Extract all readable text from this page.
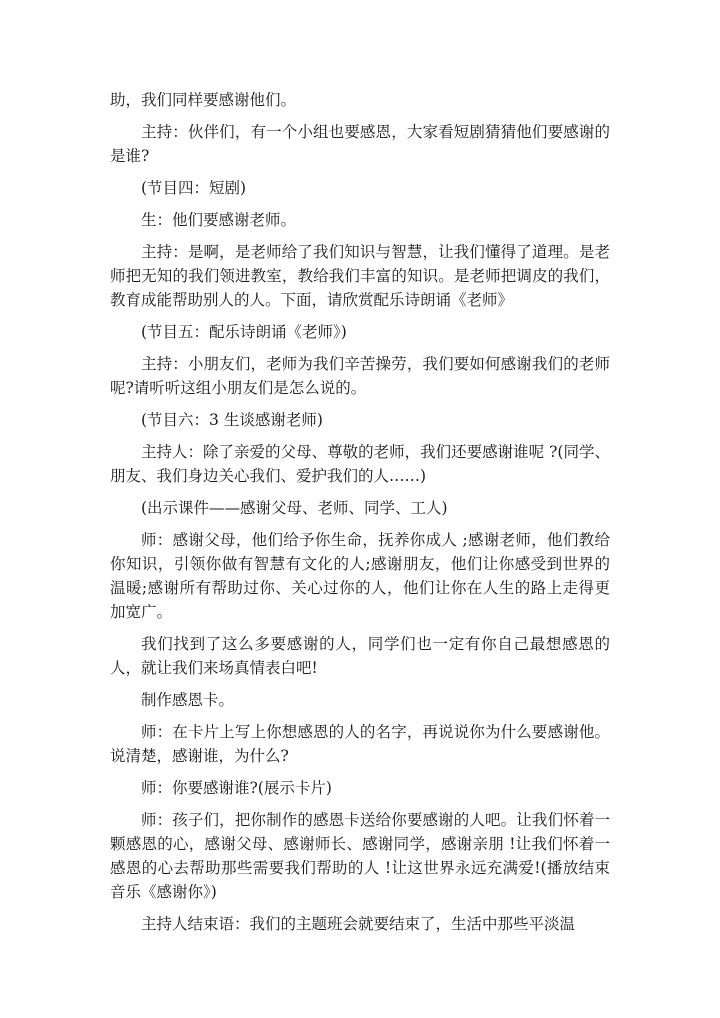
助，我们同样要感谢他们。

主持：伙伴们，有一个小组也要感恩，大家看短剧猜猜他们要感谢的是谁?

(节目四：短剧)

生：他们要感谢老师。

主持：是啊，是老师给了我们知识与智慧，让我们懂得了道理。是老师把无知的我们领进教室，教给我们丰富的知识。是老师把调皮的我们，教育成能帮助别人的人。下面，请欣赏配乐诗朗诵《老师》

(节目五：配乐诗朗诵《老师》)

主持：小朋友们，老师为我们辛苦操劳，我们要如何感谢我们的老师呢?请听听这组小朋友们是怎么说的。

(节目六：3 生谈感谢老师)

主持人：除了亲爱的父母、尊敬的老师，我们还要感谢谁呢 ?(同学、朋友、我们身边关心我们、爱护我们的人……)

(出示课件——感谢父母、老师、同学、工人)

师：感谢父母，他们给予你生命，抚养你成人 ;感谢老师，他们教给你知识，引领你做有智慧有文化的人;感谢朋友，他们让你感受到世界的温暖;感谢所有帮助过你、关心过你的人，他们让你在人生的路上走得更加宽广。

我们找到了这么多要感谢的人，同学们也一定有你自己最想感恩的人，就让我们来场真情表白吧!

制作感恩卡。

师：在卡片上写上你想感恩的人的名字，再说说你为什么要感谢他。说清楚，感谢谁，为什么?

师：你要感谢谁?(展示卡片)

师：孩子们，把你制作的感恩卡送给你要感谢的人吧。让我们怀着一颗感恩的心，感谢父母、感谢师长、感谢同学，感谢亲朋 !让我们怀着一感恩的心去帮助那些需要我们帮助的人 !让这世界永远充满爱!(播放结束音乐《感谢你》)

主持人结束语：我们的主题班会就要结束了，生活中那些平淡温
